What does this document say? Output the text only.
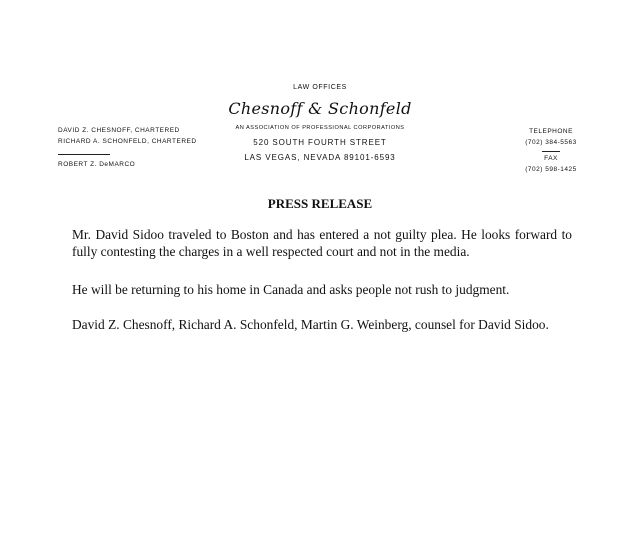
LAW OFFICES
Chesnoff & Schonfeld
AN ASSOCIATION OF PROFESSIONAL CORPORATIONS
520 SOUTH FOURTH STREET
LAS VEGAS, NEVADA 89101-6593
DAVID Z. CHESNOFF, CHARTERED
RICHARD A. SCHONFELD, CHARTERED
ROBERT Z. DeMARCO
TELEPHONE
(702) 384-5563
FAX
(702) 598-1425
PRESS RELEASE
Mr. David Sidoo traveled to Boston and has entered a not guilty plea. He looks forward to fully contesting the charges in a well respected court and not in the media.
He will be returning to his home in Canada and asks people not rush to judgment.
David Z. Chesnoff, Richard A. Schonfeld, Martin G. Weinberg, counsel for David Sidoo.
